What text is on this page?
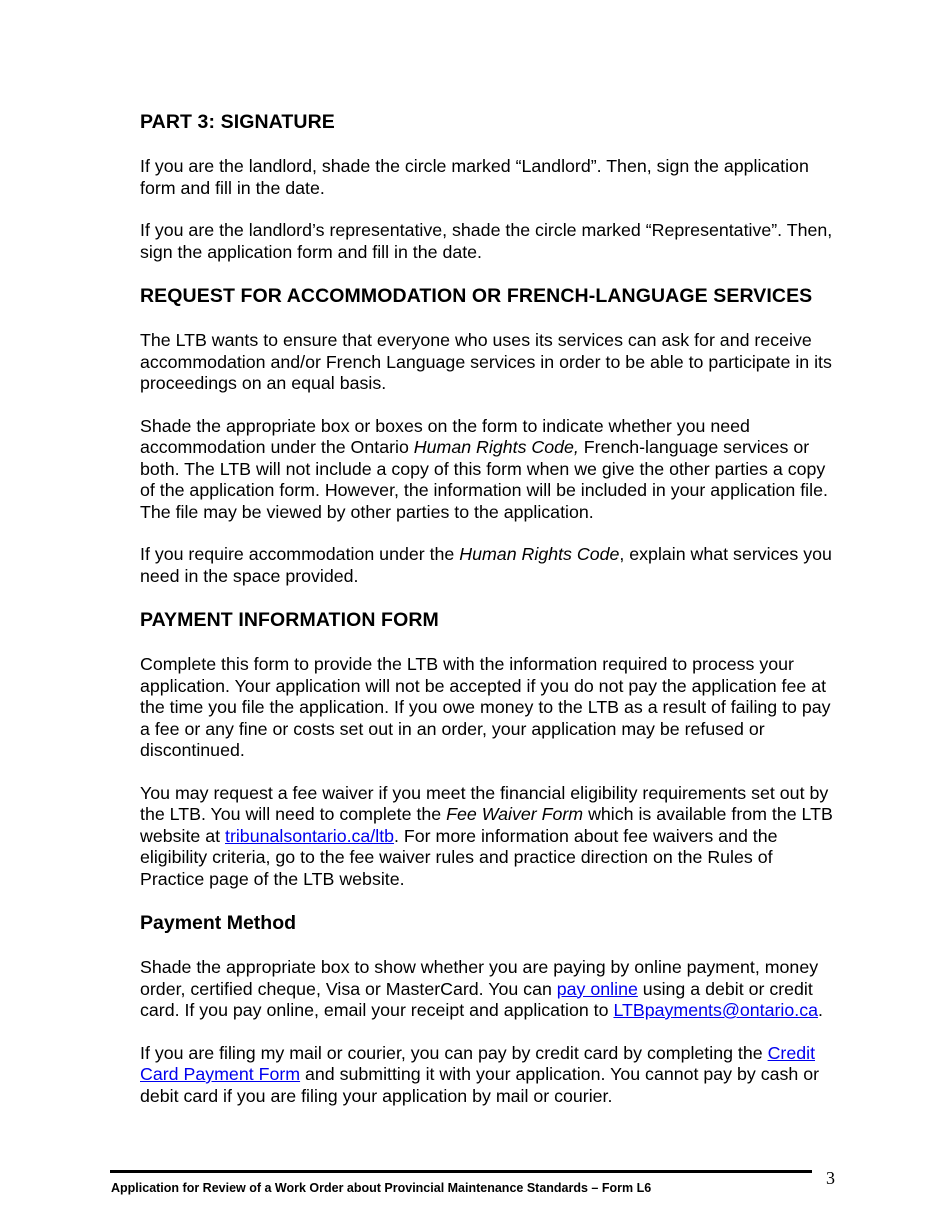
PART 3: SIGNATURE

If you are the landlord, shade the circle marked “Landlord”. Then, sign the application form and fill in the date.

If you are the landlord’s representative, shade the circle marked “Representative”. Then, sign the application form and fill in the date.

REQUEST FOR ACCOMMODATION OR FRENCH-LANGUAGE SERVICES

The LTB wants to ensure that everyone who uses its services can ask for and receive accommodation and/or French Language services in order to be able to participate in its proceedings on an equal basis.

Shade the appropriate box or boxes on the form to indicate whether you need accommodation under the Ontario Human Rights Code, French-language services or both. The LTB will not include a copy of this form when we give the other parties a copy of the application form. However, the information will be included in your application file. The file may be viewed by other parties to the application.

If you require accommodation under the Human Rights Code, explain what services you need in the space provided.

PAYMENT INFORMATION FORM

Complete this form to provide the LTB with the information required to process your application. Your application will not be accepted if you do not pay the application fee at the time you file the application. If you owe money to the LTB as a result of failing to pay a fee or any fine or costs set out in an order, your application may be refused or discontinued.

You may request a fee waiver if you meet the financial eligibility requirements set out by the LTB. You will need to complete the Fee Waiver Form which is available from the LTB website at tribunalsontario.ca/ltb. For more information about fee waivers and the eligibility criteria, go to the fee waiver rules and practice direction on the Rules of Practice page of the LTB website.

Payment Method

Shade the appropriate box to show whether you are paying by online payment, money order, certified cheque, Visa or MasterCard. You can pay online using a debit or credit card. If you pay online, email your receipt and application to LTBpayments@ontario.ca.

If you are filing my mail or courier, you can pay by credit card by completing the Credit Card Payment Form and submitting it with your application. You cannot pay by cash or debit card if you are filing your application by mail or courier.

Application for Review of a Work Order about Provincial Maintenance Standards – Form L6	3
